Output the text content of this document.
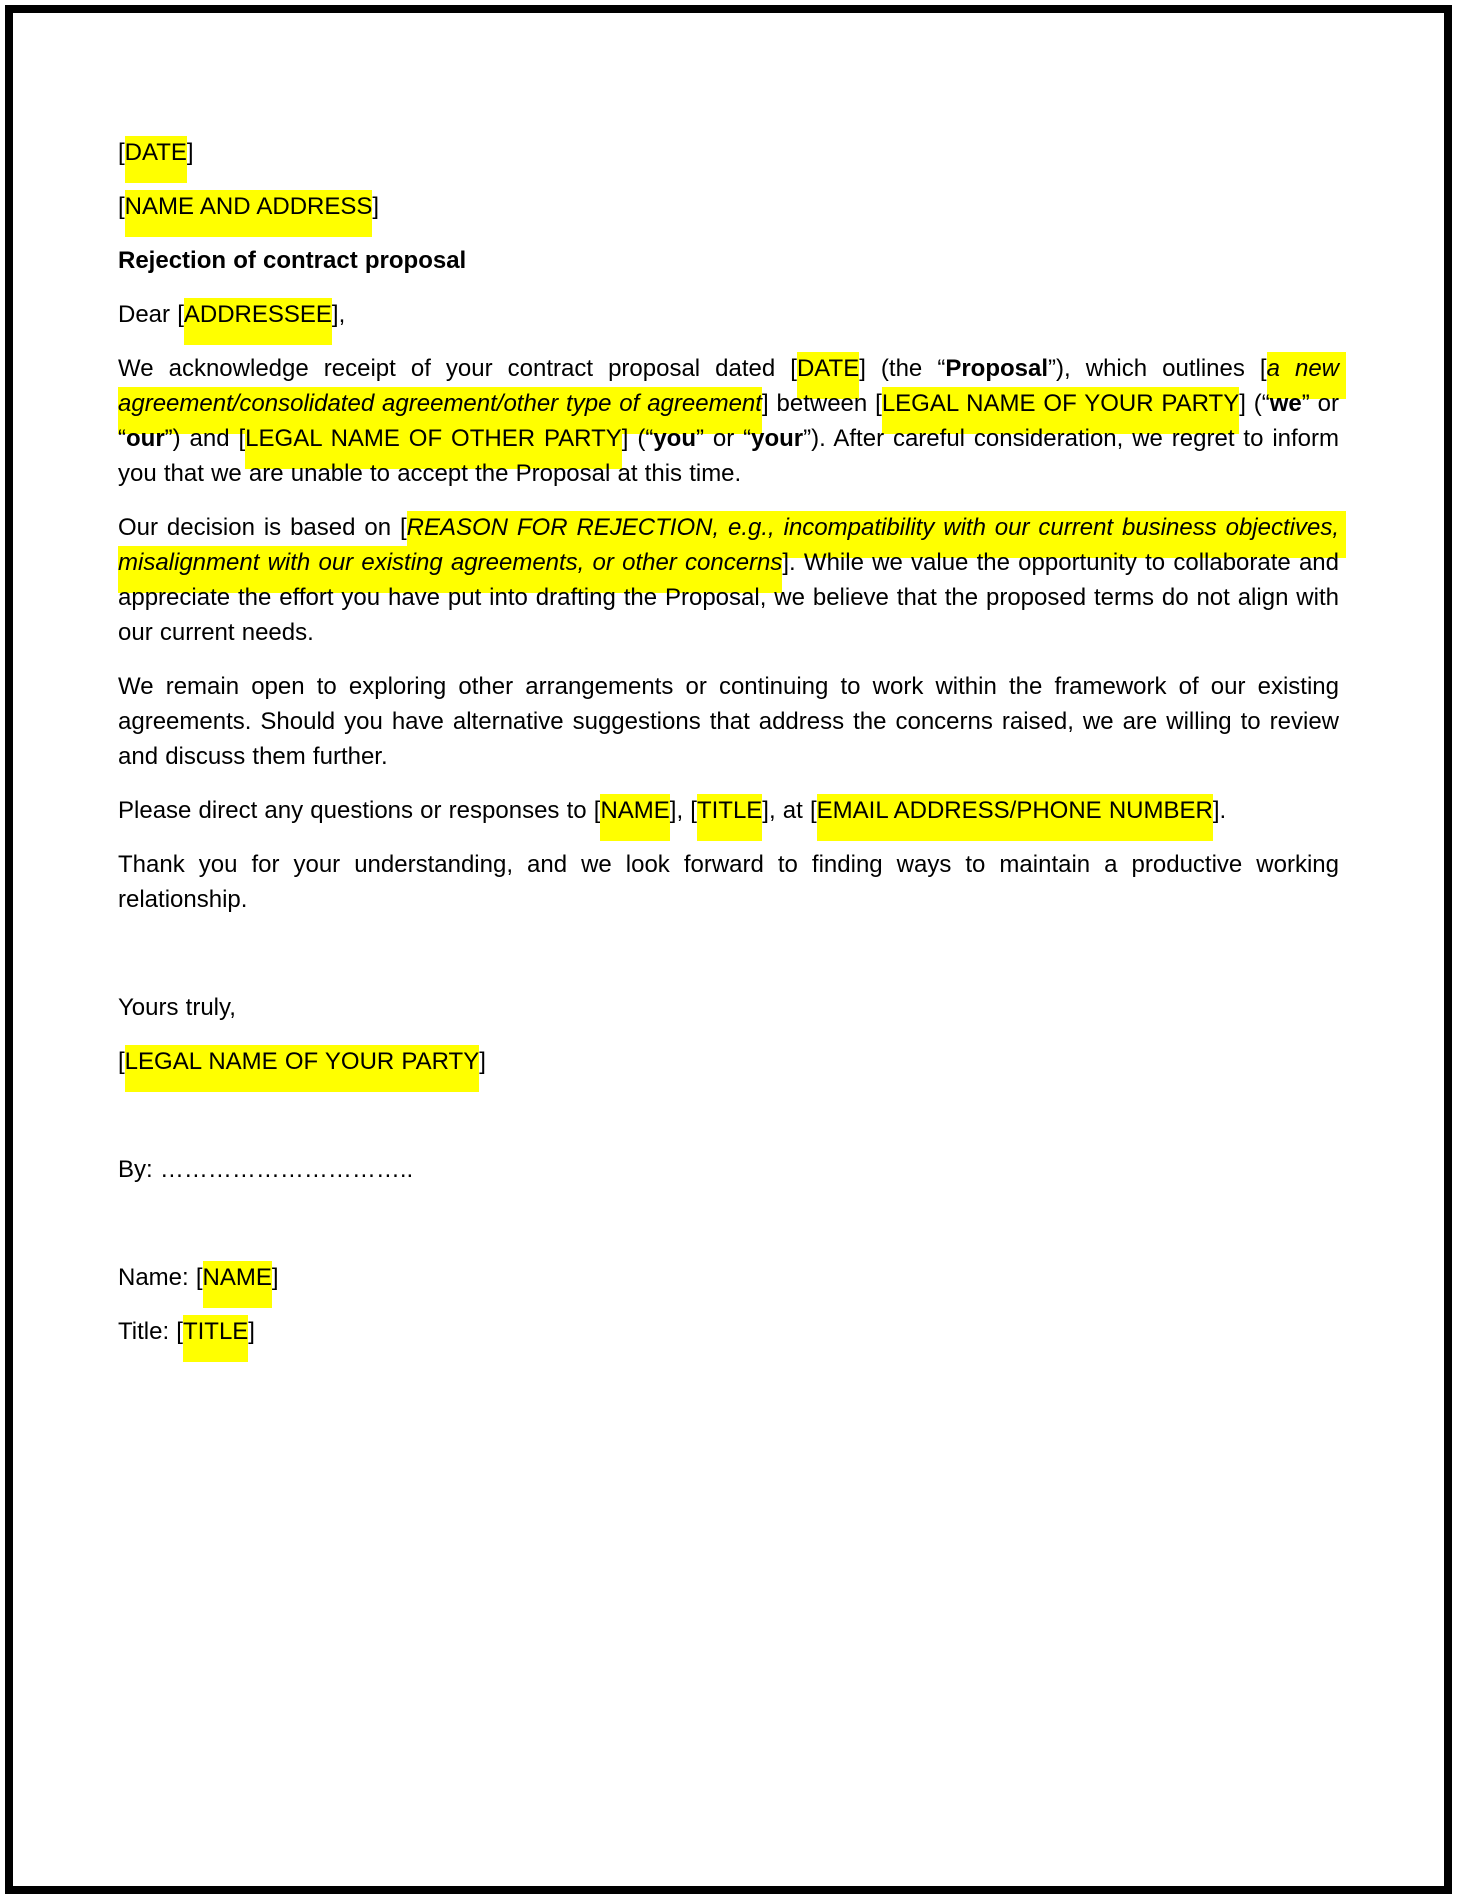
[DATE]

[NAME AND ADDRESS]

Rejection of contract proposal

Dear [ADDRESSEE],

We acknowledge receipt of your contract proposal dated [DATE] (the “Proposal”), which outlines [a new agreement/consolidated agreement/other type of agreement] between [LEGAL NAME OF YOUR PARTY] (“we” or “our”) and [LEGAL NAME OF OTHER PARTY] (“you” or “your”). After careful consideration, we regret to inform you that we are unable to accept the Proposal at this time.

Our decision is based on [REASON FOR REJECTION, e.g., incompatibility with our current business objectives, misalignment with our existing agreements, or other concerns]. While we value the opportunity to collaborate and appreciate the effort you have put into drafting the Proposal, we believe that the proposed terms do not align with our current needs.

We remain open to exploring other arrangements or continuing to work within the framework of our existing agreements. Should you have alternative suggestions that address the concerns raised, we are willing to review and discuss them further.

Please direct any questions or responses to [NAME], [TITLE], at [EMAIL ADDRESS/PHONE NUMBER].

Thank you for your understanding, and we look forward to finding ways to maintain a productive working relationship.

Yours truly,

[LEGAL NAME OF YOUR PARTY]

By: …………………………..

Name: [NAME]

Title: [TITLE]
